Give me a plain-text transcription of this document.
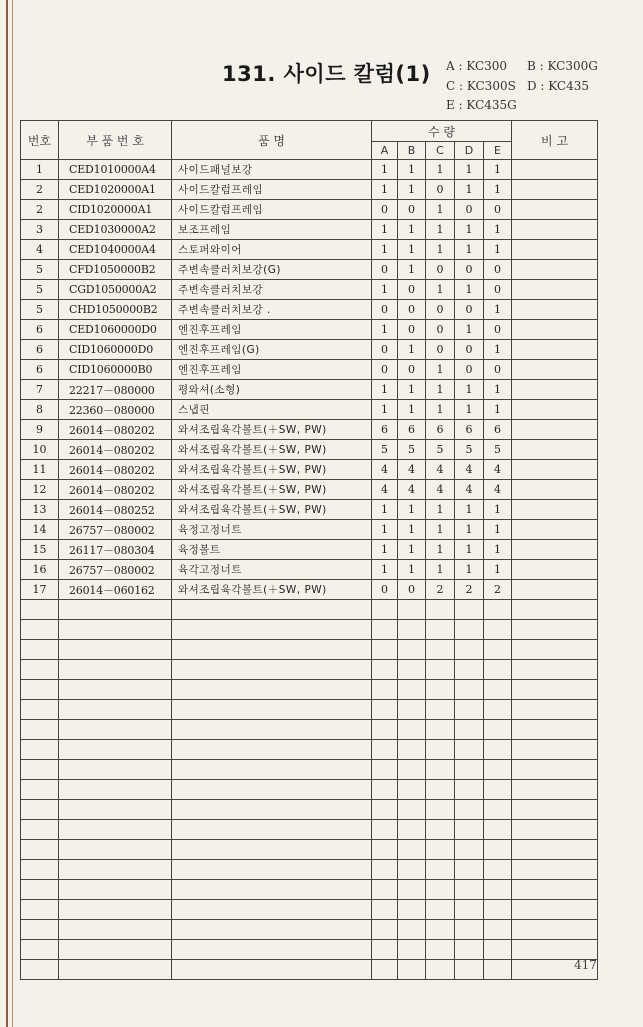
131. 사이드 칼럼(1) A : KC300 B : KC300G
C : KC300S D : KC435
E : KC435G
번호	부 품 번 호	품 명	수 량					비 고
			A	B	C	D	E	
1	CED1010000A4	사이드패널보강	1	1	1	1	1	
2	CED1020000A1	사이드칼럼프레임	1	1	0	1	1	
2	CID1020000A1	사이드칼럼프레임	0	0	1	0	0	
3	CED1030000A2	보조프레임	1	1	1	1	1	
4	CED1040000A4	스토퍼와이어	1	1	1	1	1	
5	CFD1050000B2	주변속클러치보강(G)	0	1	0	0	0	
5	CGD1050000A2	주변속클러치보강	1	0	1	1	0	
5	CHD1050000B2	주변속클러치보강 .	0	0	0	0	1	
6	CED1060000D0	엔진후프레임	1	0	0	1	0	
6	CID1060000D0	엔진후프레임(G)	0	1	0	0	1	
6	CID1060000B0	엔진후프레임	0	0	1	0	0	
7	22217－080000	평와셔(소형)	1	1	1	1	1	
8	22360－080000	스냅핀	1	1	1	1	1	
9	26014－080202	와셔조립육각볼트(＋SW, PW)	6	6	6	6	6	
10	26014－080202	와셔조립육각볼트(＋SW, PW)	5	5	5	5	5	
11	26014－080202	와셔조립육각볼트(＋SW, PW)	4	4	4	4	4	
12	26014－080202	와셔조립육각볼트(＋SW, PW)	4	4	4	4	4	
13	26014－080252	와셔조립육각볼트(＋SW, PW)	1	1	1	1	1	
14	26757－080002	육정고정너트	1	1	1	1	1	
15	26117－080304	육정볼트	1	1	1	1	1	
16	26757－080002	육각고정너트	1	1	1	1	1	
17	26014－060162	와셔조립육각볼트(＋SW, PW)	0	0	2	2	2	

417
